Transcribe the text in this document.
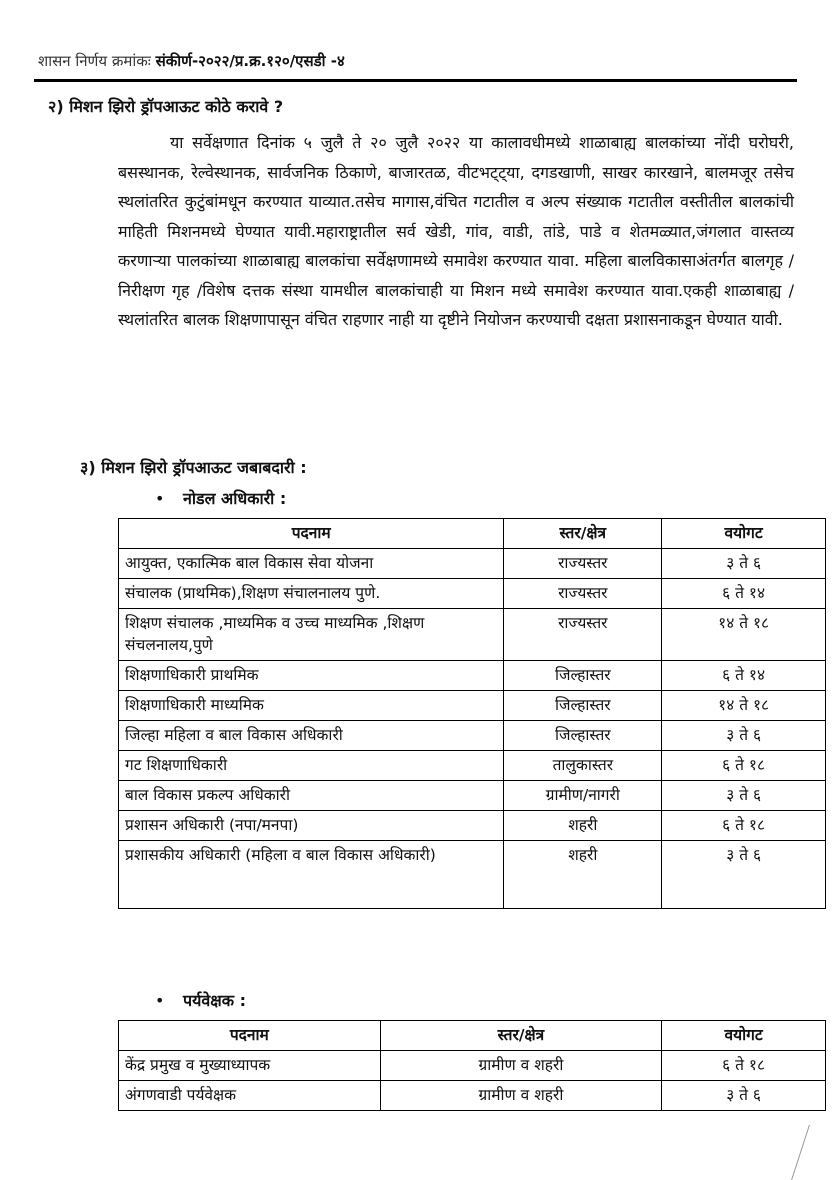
शासन निर्णय क्रमांकः संकीर्ण-२०२२/प्र.क्र.१२०/एसडी -४
२) मिशन झिरो ड्रॉपआऊट कोठे करावे ?
या सर्वेक्षणात दिनांक ५ जुलै ते २० जुलै २०२२ या कालावधीमध्ये शाळाबाह्य बालकांच्या नोंदी घरोघरी, बसस्थानक, रेल्वेस्थानक, सार्वजनिक ठिकाणे, बाजारतळ, वीटभट्ट्या, दगडखाणी, साखर कारखाने, बालमजूर तसेच स्थलांतरित कुटुंबांमधून करण्यात याव्यात.तसेच मागास,वंचित गटातील व अल्प संख्याक गटातील वस्तीतील बालकांची माहिती मिशनमध्ये घेण्यात यावी.महाराष्ट्रातील सर्व खेडी, गांव, वाडी, तांडे, पाडे व शेतमळ्यात,जंगलात वास्तव्य करणाऱ्या पालकांच्या शाळाबाह्य बालकांचा सर्वेक्षणामध्ये समावेश करण्यात यावा. महिला बालविकासाअंतर्गत बालगृह / निरीक्षण गृह /विशेष दत्तक संस्था यामधील बालकांचाही या मिशन मध्ये समावेश करण्यात यावा.एकही शाळाबाह्य /स्थलांतरित बालक शिक्षणापासून वंचित राहणार नाही या दृष्टीने नियोजन करण्याची दक्षता प्रशासनाकडून घेण्यात यावी.
३) मिशन झिरो ड्रॉपआऊट जबाबदारी :
• नोडल अधिकारी :
पदनाम	स्तर/क्षेत्र	वयोगट
आयुक्त, एकात्मिक बाल विकास सेवा योजना	राज्यस्तर	३ ते ६
संचालक (प्राथमिक),शिक्षण संचालनालय पुणे.	राज्यस्तर	६ ते १४
शिक्षण संचालक ,माध्यमिक व उच्च माध्यमिक ,शिक्षण संचलनालय,पुणे	राज्यस्तर	१४ ते १८
शिक्षणाधिकारी प्राथमिक	जिल्हास्तर	६ ते १४
शिक्षणाधिकारी माध्यमिक	जिल्हास्तर	१४ ते १८
जिल्हा महिला व बाल विकास अधिकारी	जिल्हास्तर	३ ते ६
गट शिक्षणाधिकारी	तालुकास्तर	६ ते १८
बाल विकास प्रकल्प अधिकारी	ग्रामीण/नागरी	३ ते ६
प्रशासन अधिकारी (नपा/मनपा)	शहरी	६ ते १८
प्रशासकीय अधिकारी (महिला व बाल विकास अधिकारी)	शहरी	३ ते ६
• पर्यवेक्षक :
पदनाम	स्तर/क्षेत्र	वयोगट
केंद्र प्रमुख व मुख्याध्यापक	ग्रामीण व शहरी	६ ते १८
अंगणवाडी पर्यवेक्षक	ग्रामीण व शहरी	३ ते ६
